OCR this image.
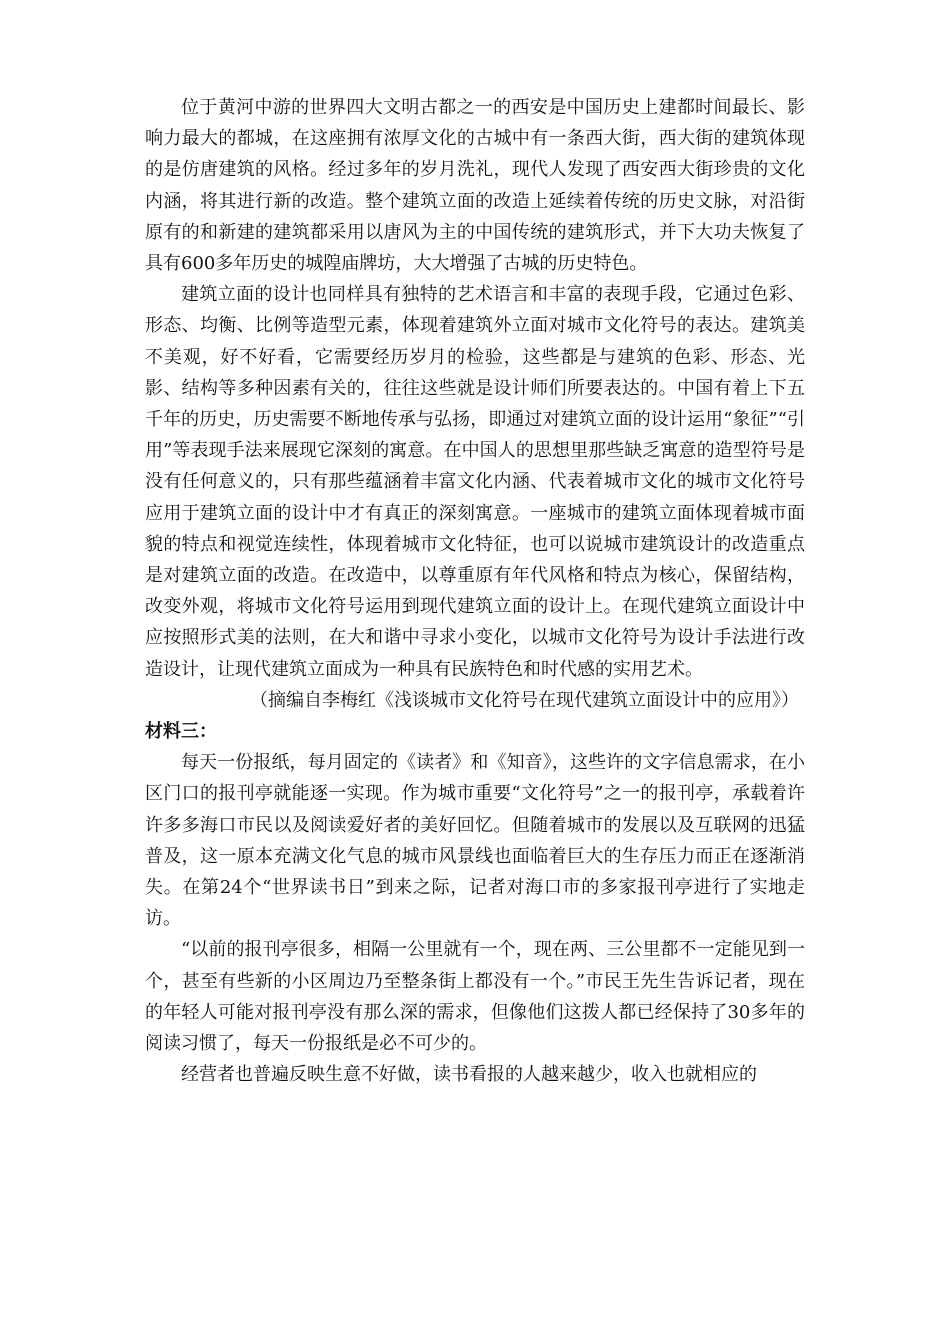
位于黄河中游的世界四大文明古都之一的西安是中国历史上建都时间最长、影响力最大的都城，在这座拥有浓厚文化的古城中有一条西大街，西大街的建筑体现的是仿唐建筑的风格。经过多年的岁月洗礼，现代人发现了西安西大街珍贵的文化内涵，将其进行新的改造。整个建筑立面的改造上延续着传统的历史文脉，对沿街原有的和新建的建筑都采用以唐风为主的中国传统的建筑形式，并下大功夫恢复了具有600多年历史的城隍庙牌坊，大大增强了古城的历史特色。

建筑立面的设计也同样具有独特的艺术语言和丰富的表现手段，它通过色彩、形态、均衡、比例等造型元素，体现着建筑外立面对城市文化符号的表达。建筑美不美观，好不好看，它需要经历岁月的检验，这些都是与建筑的色彩、形态、光影、结构等多种因素有关的，往往这些就是设计师们所要表达的。中国有着上下五千年的历史，历史需要不断地传承与弘扬，即通过对建筑立面的设计运用“象征”“引用”等表现手法来展现它深刻的寓意。在中国人的思想里那些缺乏寓意的造型符号是没有任何意义的，只有那些蕴涵着丰富文化内涵、代表着城市文化的城市文化符号应用于建筑立面的设计中才有真正的深刻寓意。一座城市的建筑立面体现着城市面貌的特点和视觉连续性，体现着城市文化特征，也可以说城市建筑设计的改造重点是对建筑立面的改造。在改造中，以尊重原有年代风格和特点为核心，保留结构，改变外观，将城市文化符号运用到现代建筑立面的设计上。在现代建筑立面设计中应按照形式美的法则，在大和谐中寻求小变化，以城市文化符号为设计手法进行改造设计，让现代建筑立面成为一种具有民族特色和时代感的实用艺术。

（摘编自李梅红《浅谈城市文化符号在现代建筑立面设计中的应用》）

材料三：

每天一份报纸，每月固定的《读者》和《知音》，这些许的文字信息需求，在小区门口的报刊亭就能逐一实现。作为城市重要“文化符号”之一的报刊亭，承载着许许多多海口市民以及阅读爱好者的美好回忆。但随着城市的发展以及互联网的迅猛普及，这一原本充满文化气息的城市风景线也面临着巨大的生存压力而正在逐渐消失。在第24个“世界读书日”到来之际，记者对海口市的多家报刊亭进行了实地走访。

“以前的报刊亭很多，相隔一公里就有一个，现在两、三公里都不一定能见到一个，甚至有些新的小区周边乃至整条街上都没有一个。”市民王先生告诉记者，现在的年轻人可能对报刊亭没有那么深的需求，但像他们这拨人都已经保持了30多年的阅读习惯了，每天一份报纸是必不可少的。

经营者也普遍反映生意不好做，读书看报的人越来越少，收入也就相应的
